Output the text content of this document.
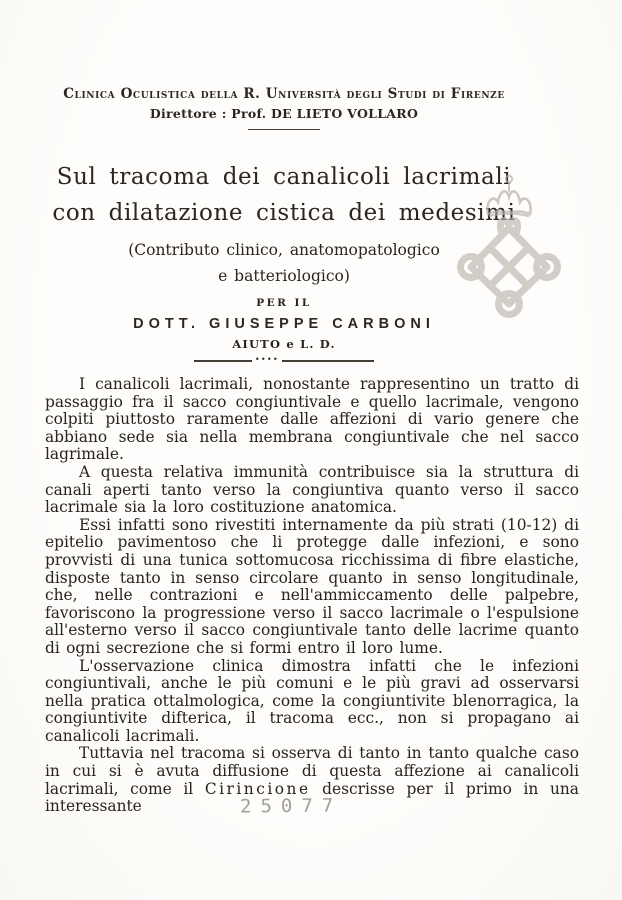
Clinica Oculistica della R. Università degli Studi di Firenze
Direttore : Prof. DE LIETO VOLLARO
Sul tracoma dei canalicoli lacrimali
con dilatazione cistica dei medesimi
(Contributo clinico, anatomopatologico
e batteriologico)
PER IL
DOTT. GIUSEPPE CARBONI
AIUTO e L. D.
....

I canalicoli lacrimali, nonostante rappresentino un tratto di passaggio fra il sacco congiuntivale e quello lacrimale, vengono colpiti piuttosto raramente dalle affezioni di vario genere che abbiano sede sia nella membrana congiuntivale che nel sacco lagrimale.

A questa relativa immunità contribuisce sia la struttura di canali aperti tanto verso la congiuntiva quanto verso il sacco lacrimale sia la loro costituzione anatomica.

Essi infatti sono rivestiti internamente da più strati (10-12) di epitelio pavimentoso che li protegge dalle infezioni, e sono provvisti di una tunica sottomucosa ricchissima di fibre elastiche, disposte tanto in senso circolare quanto in senso longitudinale, che, nelle contrazioni e nell'ammiccamento delle palpebre, favoriscono la progressione verso il sacco lacrimale o l'espulsione all'esterno verso il sacco congiuntivale tanto delle lacrime quanto di ogni secrezione che si formi entro il loro lume.

L'osservazione clinica dimostra infatti che le infezioni congiuntivali, anche le più comuni e le più gravi ad osservarsi nella pratica ottalmologica, come la congiuntivite blenorragica, la congiuntivite difterica, il tracoma ecc., non si propagano ai canalicoli lacrimali.

Tuttavia nel tracoma si osserva di tanto in tanto qualche caso in cui si è avuta diffusione di questa affezione ai canalicoli lacrimali, come il Cirincione descrisse per il primo in una interessante	25077
